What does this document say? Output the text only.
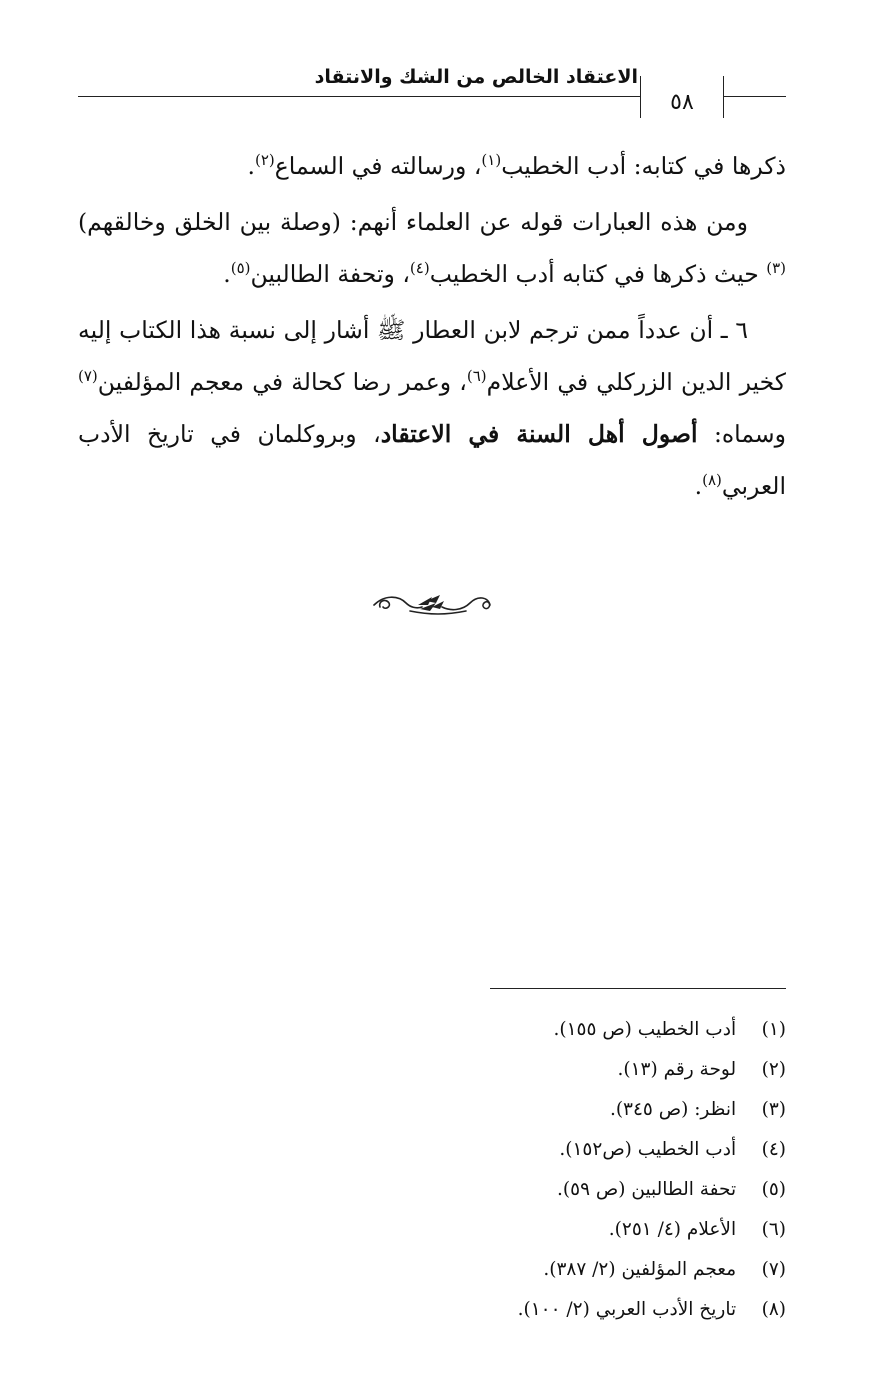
الاعتقاد الخالص من الشك والانتقاد
٥٨

ذكرها في كتابه: أدب الخطيب$^{(١)}$، ورسالته في السماع$^{(٢)}$.

ومن هذه العبارات قوله عن العلماء أنهم: (وصلة بين الخلق وخالقهم)$^{(٣)}$ حيث ذكرها في كتابه أدب الخطيب$^{(٤)}$، وتحفة الطالبين$^{(٥)}$.

٦ ـ أن عدداً ممن ترجم لابن العطار ﷺ أشار إلى نسبة هذا الكتاب إليه كخير الدين الزركلي في الأعلام$^{(٦)}$، وعمر رضا كحالة في معجم المؤلفين$^{(٧)}$ وسماه: أصول أهل السنة في الاعتقاد، وبروكلمان في تاريخ الأدب العربي$^{(٨)}$.

(١) أدب الخطيب (ص ١٥٥).
(٢) لوحة رقم (١٣).
(٣) انظر: (ص ٣٤٥).
(٤) أدب الخطيب (ص١٥٢).
(٥) تحفة الطالبين (ص ٥٩).
(٦) الأعلام (٤/ ٢٥١).
(٧) معجم المؤلفين (٢/ ٣٨٧).
(٨) تاريخ الأدب العربي (٢/ ١٠٠).
